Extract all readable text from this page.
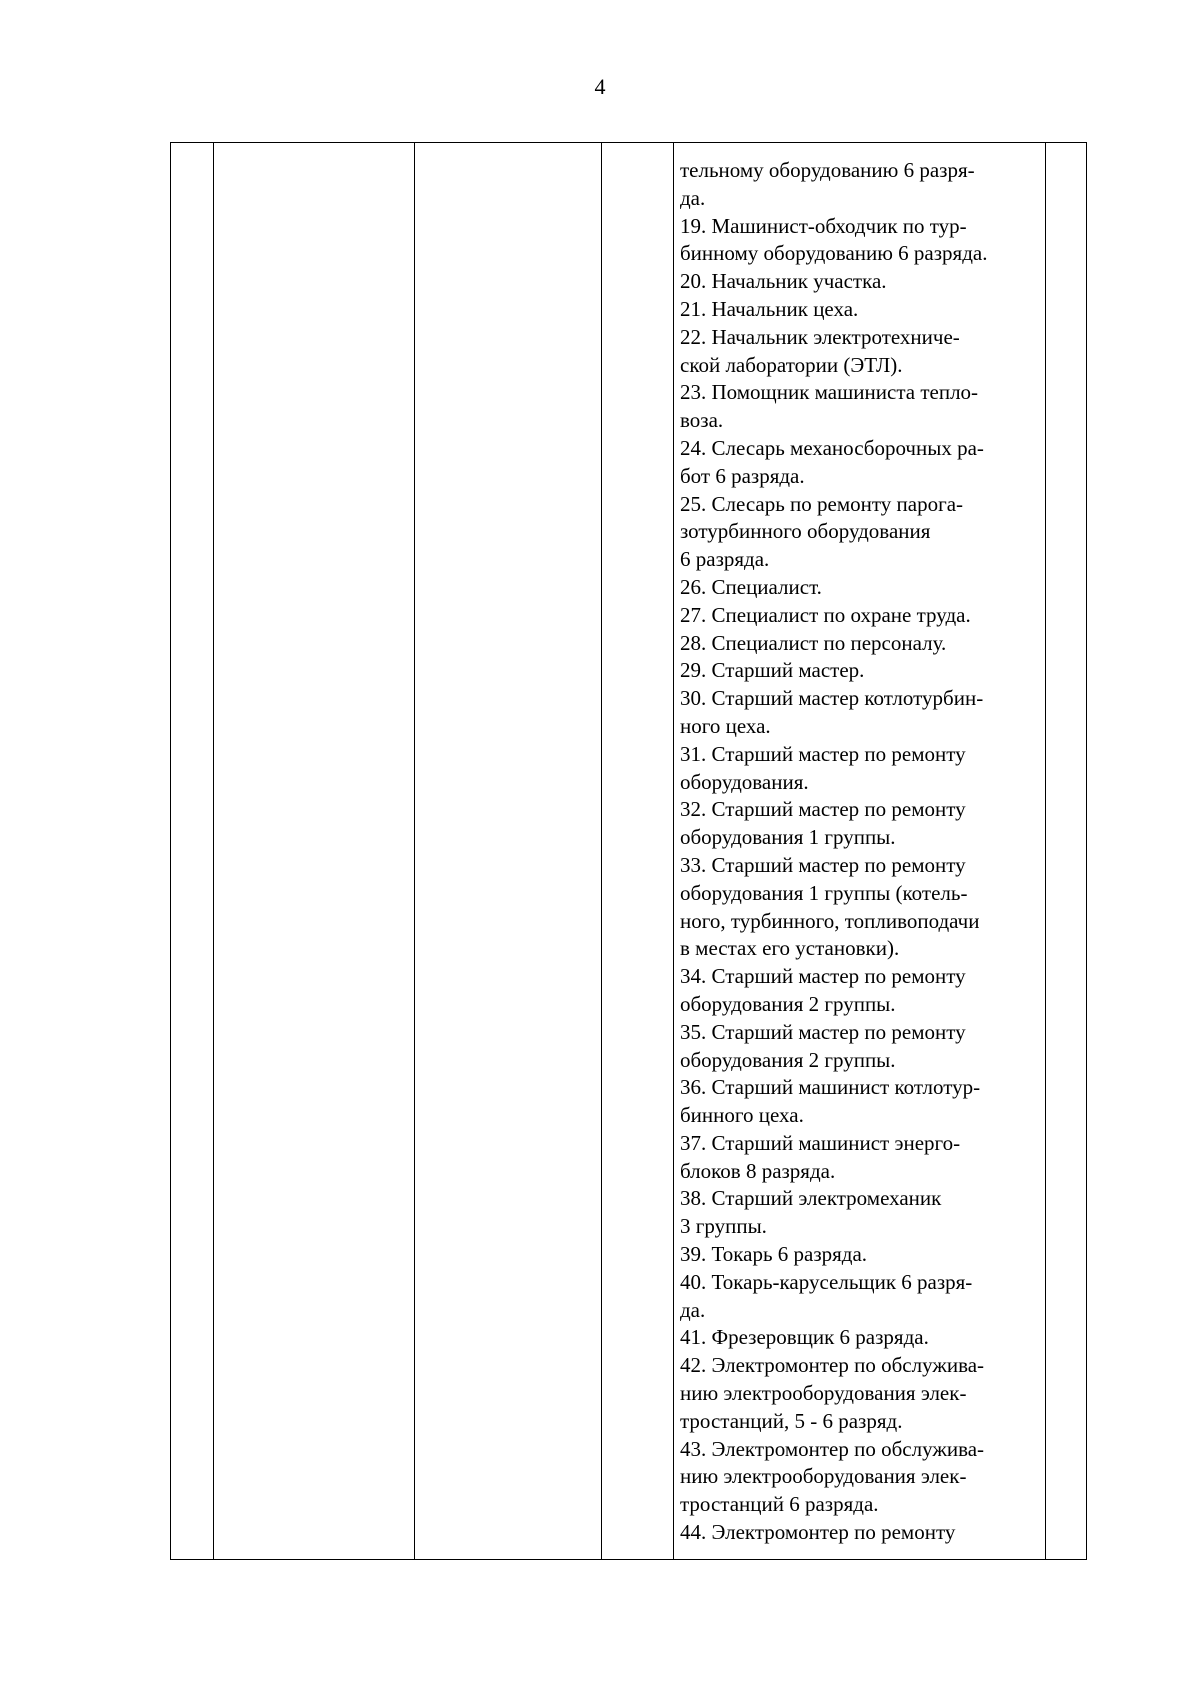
4
тельному оборудованию 6 разря-
да.
19. Машинист-обходчик по тур-
бинному оборудованию 6 разряда.
20. Начальник участка.
21. Начальник цеха.
22. Начальник электротехниче-
ской лаборатории (ЭТЛ).
23. Помощник машиниста тепло-
воза.
24. Слесарь механосборочных ра-
бот 6 разряда.
25. Слесарь по ремонту парога-
зотурбинного оборудования
6 разряда.
26. Специалист.
27. Специалист по охране труда.
28. Специалист по персоналу.
29. Старший мастер.
30. Старший мастер котлотурбин-
ного цеха.
31. Старший мастер по ремонту
оборудования.
32. Старший мастер по ремонту
оборудования 1 группы.
33. Старший мастер по ремонту
оборудования 1 группы (котель-
ного, турбинного, топливоподачи
в местах его установки).
34. Старший мастер по ремонту
оборудования 2 группы.
35. Старший мастер по ремонту
оборудования 2 группы.
36. Старший машинист котлотур-
бинного цеха.
37. Старший машинист энерго-
блоков 8 разряда.
38. Старший электромеханик
3 группы.
39. Токарь 6 разряда.
40. Токарь-карусельщик 6 разря-
да.
41. Фрезеровщик 6 разряда.
42. Электромонтер по обслужива-
нию электрооборудования элек-
тростанций, 5 - 6 разряд.
43. Электромонтер по обслужива-
нию электрооборудования элек-
тростанций 6 разряда.
44. Электромонтер по ремонту
